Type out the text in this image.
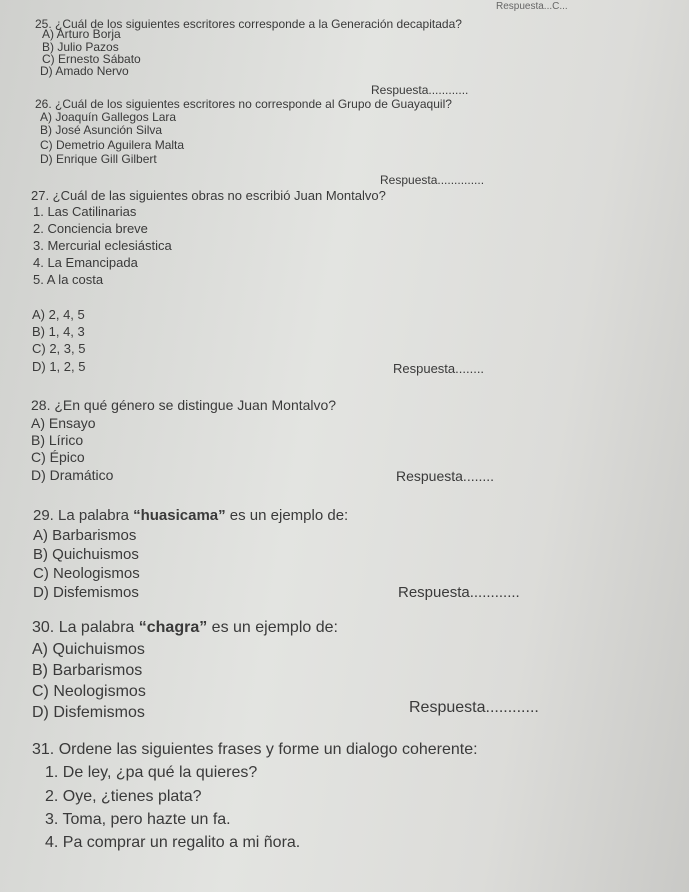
Respuesta...C...
25. ¿Cuál de los siguientes escritores corresponde a la Generación decapitada?
A) Arturo Borja
B) Julio Pazos
C) Ernesto Sábato
D) Amado Nervo
Respuesta............
26. ¿Cuál de los siguientes escritores no corresponde al Grupo de Guayaquil?
A) Joaquín Gallegos Lara
B) José Asunción Silva
C) Demetrio Aguilera Malta
D) Enrique Gill Gilbert
Respuesta..............
27. ¿Cuál de las siguientes obras no escribió Juan Montalvo?
1. Las Catilinarias
2. Conciencia breve
3. Mercurial eclesiástica
4. La Emancipada
5. A la costa
A) 2, 4, 5
B) 1, 4, 3
C) 2, 3, 5
D) 1, 2, 5	Respuesta........
28. ¿En qué género se distingue Juan Montalvo?
A) Ensayo
B) Lírico
C) Épico
D) Dramático	Respuesta........
29. La palabra “huasicama” es un ejemplo de:
A) Barbarismos
B) Quichuismos
C) Neologismos
D) Disfemismos	Respuesta............
30. La palabra “chagra” es un ejemplo de:
A) Quichuismos
B) Barbarismos
C) Neologismos
D) Disfemismos	Respuesta............
31. Ordene las siguientes frases y forme un dialogo coherente:
1. De ley, ¿pa qué la quieres?
2. Oye, ¿tienes plata?
3. Toma, pero hazte un fa.
4. Pa comprar un regalito a mi ñora.
